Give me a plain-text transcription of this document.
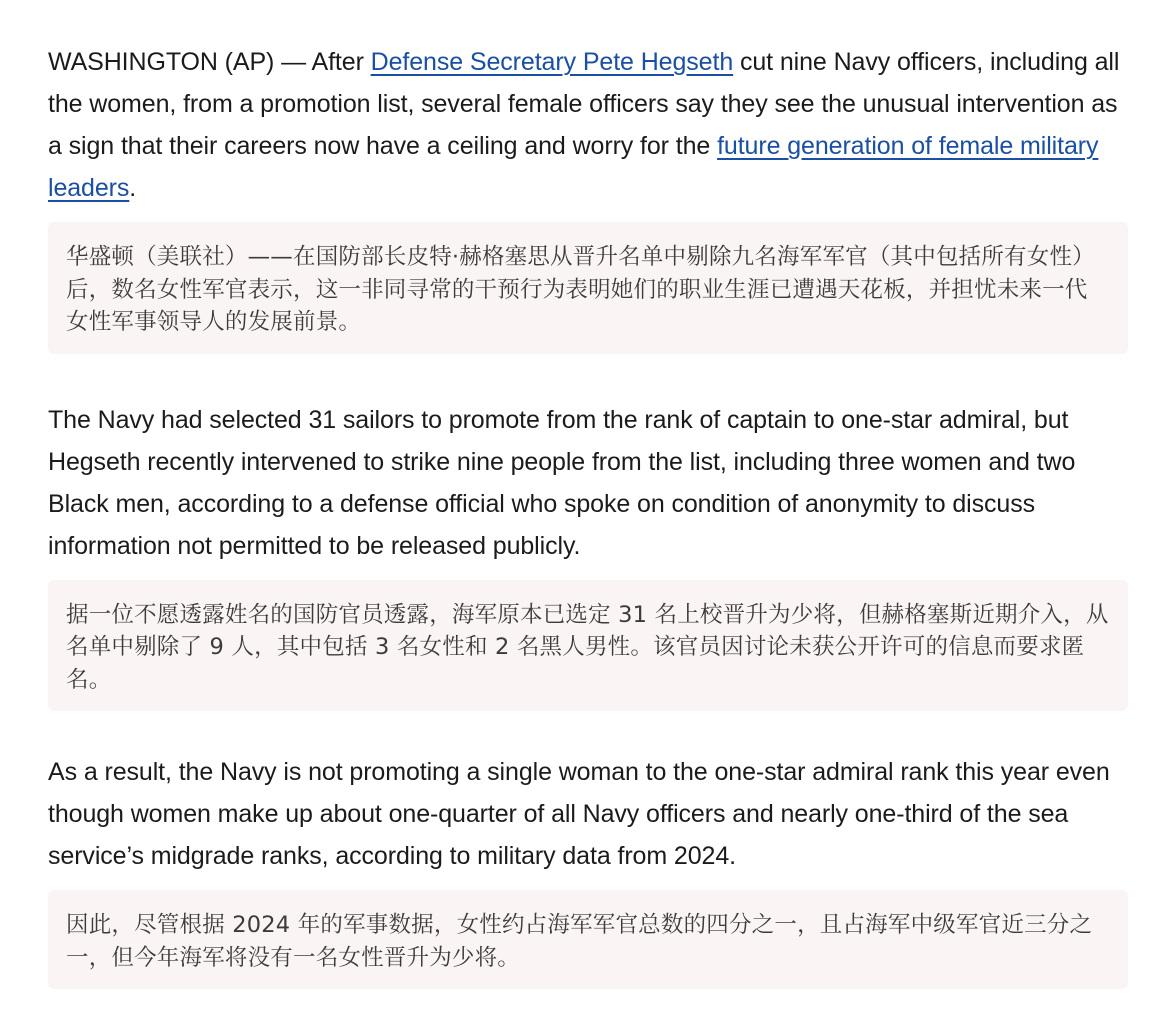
WASHINGTON (AP) — After Defense Secretary Pete Hegseth cut nine Navy officers, including all the women, from a promotion list, several female officers say they see the unusual intervention as a sign that their careers now have a ceiling and worry for the future generation of female military leaders.

华盛顿（美联社）——在国防部长皮特·赫格塞思从晋升名单中剔除九名海军军官（其中包括所有女性）后，数名女性军官表示，这一非同寻常的干预行为表明她们的职业生涯已遭遇天花板，并担忧未来一代女性军事领导人的发展前景。

The Navy had selected 31 sailors to promote from the rank of captain to one-star admiral, but Hegseth recently intervened to strike nine people from the list, including three women and two Black men, according to a defense official who spoke on condition of anonymity to discuss information not permitted to be released publicly.

据一位不愿透露姓名的国防官员透露，海军原本已选定 31 名上校晋升为少将，但赫格塞斯近期介入，从名单中剔除了 9 人，其中包括 3 名女性和 2 名黑人男性。该官员因讨论未获公开许可的信息而要求匿名。

As a result, the Navy is not promoting a single woman to the one-star admiral rank this year even though women make up about one-quarter of all Navy officers and nearly one-third of the sea service’s midgrade ranks, according to military data from 2024.

因此，尽管根据 2024 年的军事数据，女性约占海军军官总数的四分之一，且占海军中级军官近三分之一，但今年海军将没有一名女性晋升为少将。
